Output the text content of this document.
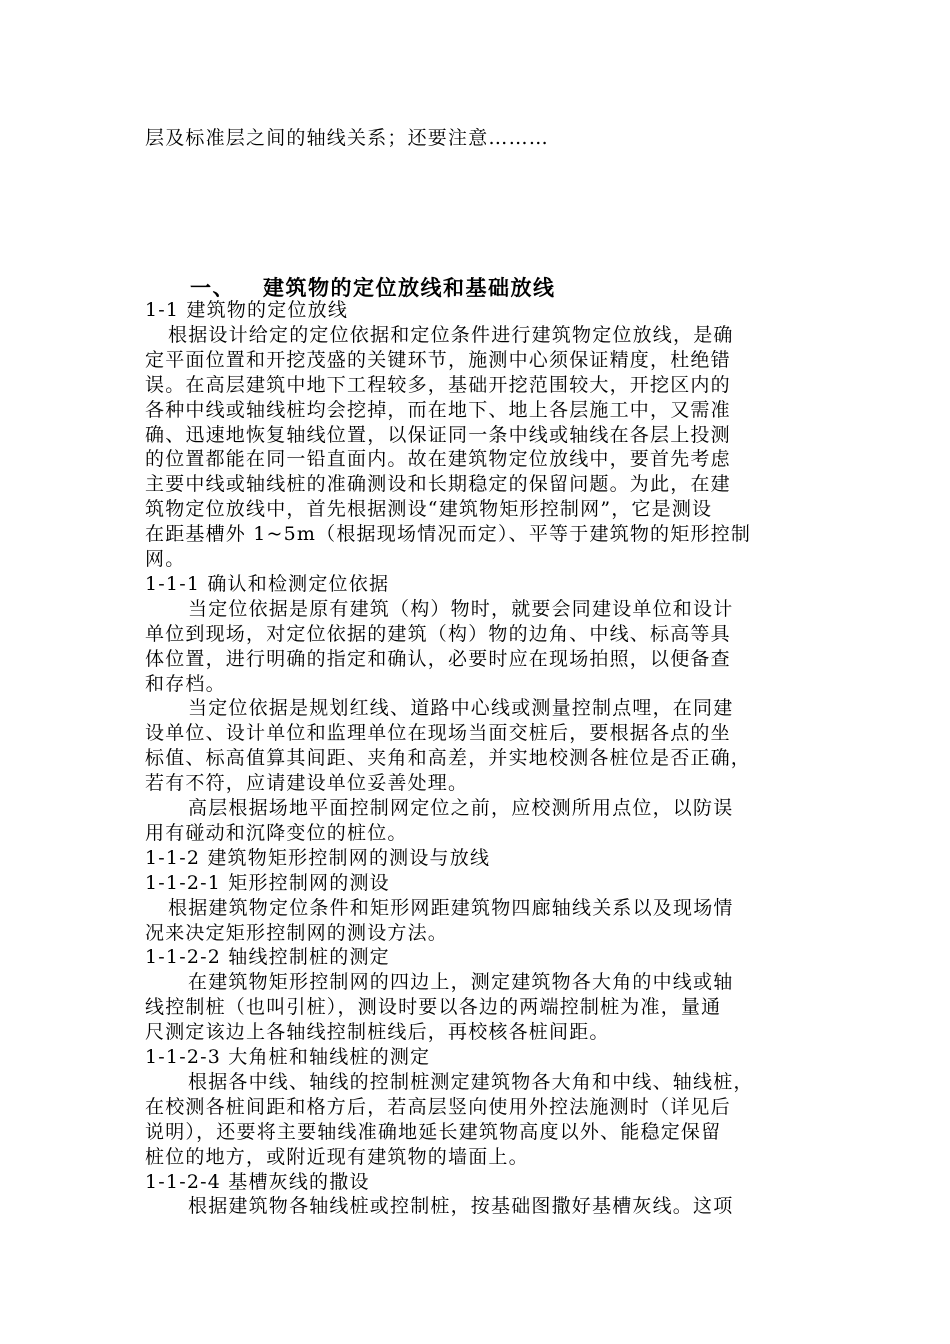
层及标准层之间的轴线关系；还要注意………
一、 建筑物的定位放线和基础放线
1-1 建筑物的定位放线
根据设计给定的定位依据和定位条件进行建筑物定位放线，是确
定平面位置和开挖茂盛的关键环节，施测中心须保证精度，杜绝错
误。在高层建筑中地下工程较多，基础开挖范围较大，开挖区内的
各种中线或轴线桩均会挖掉，而在地下、地上各层施工中，又需准
确、迅速地恢复轴线位置，以保证同一条中线或轴线在各层上投测
的位置都能在同一铅直面内。故在建筑物定位放线中，要首先考虑
主要中线或轴线桩的准确测设和长期稳定的保留问题。为此，在建
筑物定位放线中，首先根据测设“建筑物矩形控制网”，它是测设
在距基槽外 1~5m（根据现场情况而定）、平等于建筑物的矩形控制
网。
1-1-1 确认和检测定位依据
当定位依据是原有建筑（构）物时，就要会同建设单位和设计
单位到现场，对定位依据的建筑（构）物的边角、中线、标高等具
体位置，进行明确的指定和确认，必要时应在现场拍照，以便备查
和存档。
当定位依据是规划红线、道路中心线或测量控制点哩，在同建
设单位、设计单位和监理单位在现场当面交桩后，要根据各点的坐
标值、标高值算其间距、夹角和高差，并实地校测各桩位是否正确，
若有不符，应请建设单位妥善处理。
高层根据场地平面控制网定位之前，应校测所用点位，以防误
用有碰动和沉降变位的桩位。
1-1-2 建筑物矩形控制网的测设与放线
1-1-2-1 矩形控制网的测设
根据建筑物定位条件和矩形网距建筑物四廊轴线关系以及现场情
况来决定矩形控制网的测设方法。
1-1-2-2 轴线控制桩的测定
在建筑物矩形控制网的四边上，测定建筑物各大角的中线或轴
线控制桩（也叫引桩），测设时要以各边的两端控制桩为准，量通
尺测定该边上各轴线控制桩线后，再校核各桩间距。
1-1-2-3 大角桩和轴线桩的测定
根据各中线、轴线的控制桩测定建筑物各大角和中线、轴线桩，
在校测各桩间距和格方后，若高层竖向使用外控法施测时（详见后
说明），还要将主要轴线准确地延长建筑物高度以外、能稳定保留
桩位的地方，或附近现有建筑物的墙面上。
1-1-2-4 基槽灰线的撒设
根据建筑物各轴线桩或控制桩，按基础图撒好基槽灰线。这项
